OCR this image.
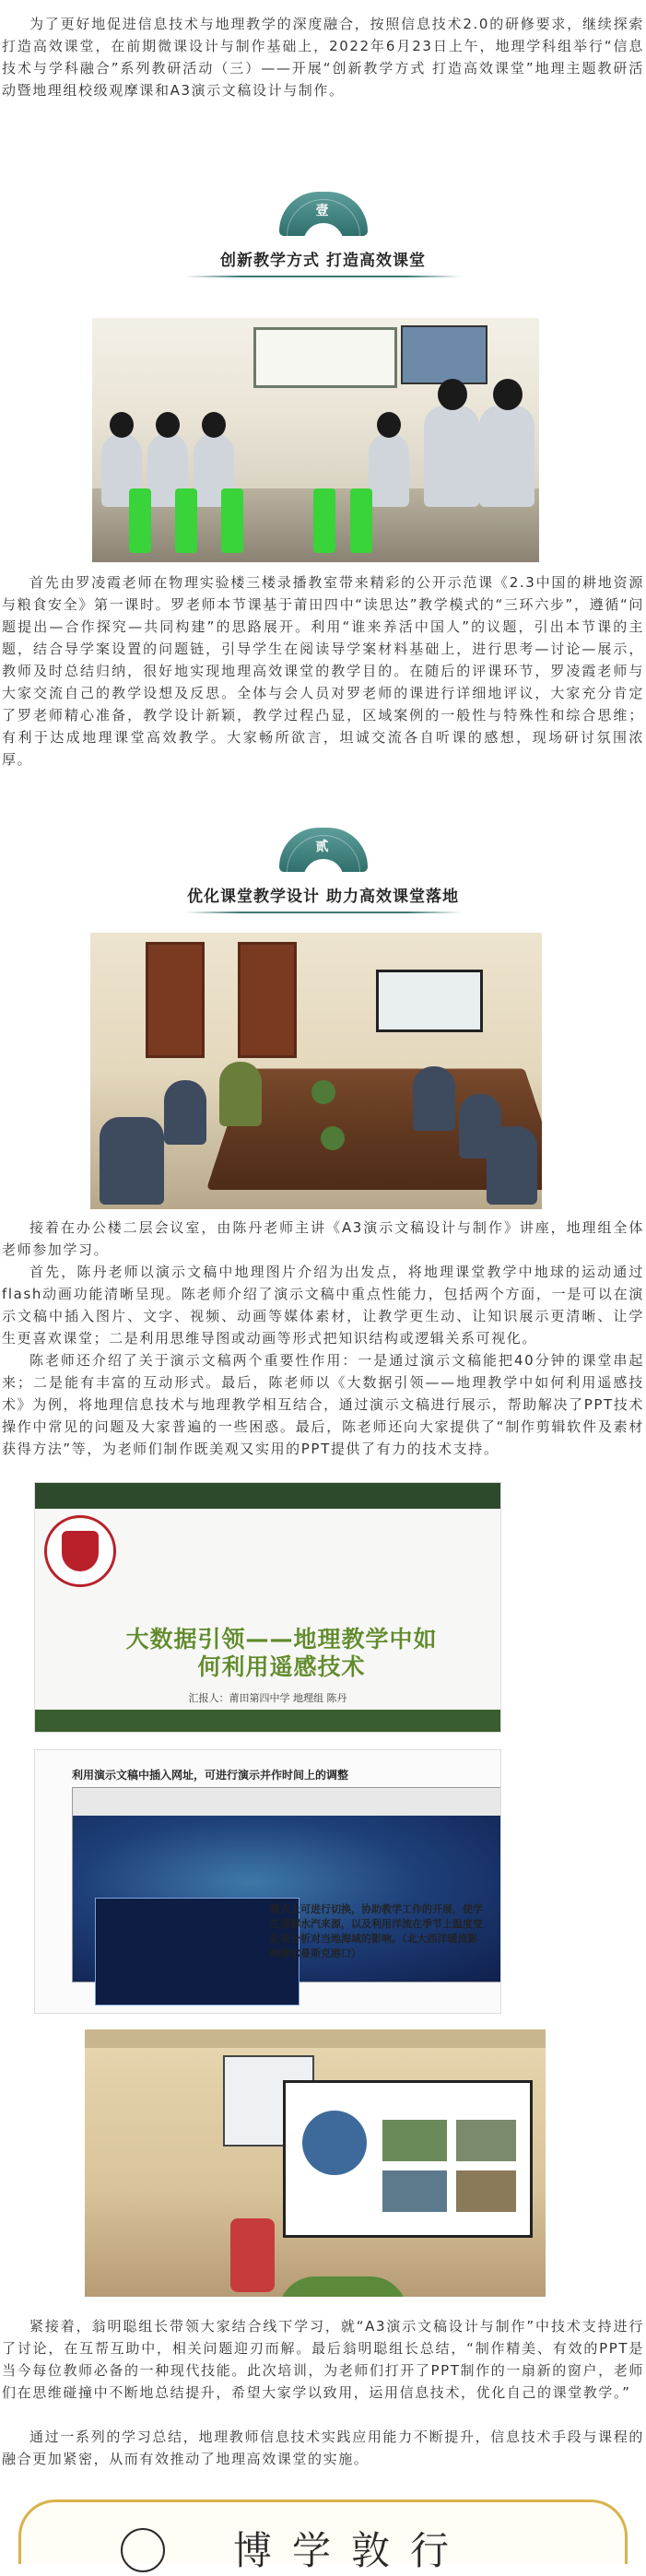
为了更好地促进信息技术与地理教学的深度融合，按照信息技术2.0的研修要求，继续探索打造高效课堂，在前期微课设计与制作基础上，2022年6月23日上午，地理学科组举行“信息技术与学科融合”系列教研活动（三）——开展“创新教学方式 打造高效课堂”地理主题教研活动暨地理组校级观摩课和A3演示文稿设计与制作。

壹
创新教学方式 打造高效课堂

首先由罗凌霞老师在物理实验楼三楼录播教室带来精彩的公开示范课《2.3中国的耕地资源与粮食安全》第一课时。罗老师本节课基于莆田四中“读思达”教学模式的“三环六步”，遵循“问题提出—合作探究—共同构建”的思路展开。利用“谁来养活中国人”的议题，引出本节课的主题，结合导学案设置的问题链，引导学生在阅读导学案材料基础上，进行思考—讨论—展示，教师及时总结归纳，很好地实现地理高效课堂的教学目的。在随后的评课环节，罗凌霞老师与大家交流自己的教学设想及反思。全体与会人员对罗老师的课进行详细地评议，大家充分肯定了罗老师精心准备，教学设计新颖，教学过程凸显，区域案例的一般性与特殊性和综合思维；有利于达成地理课堂高效教学。大家畅所欲言，坦诚交流各自听课的感想，现场研讨氛围浓厚。

贰
优化课堂教学设计 助力高效课堂落地

接着在办公楼二层会议室，由陈丹老师主讲《A3演示文稿设计与制作》讲座，地理组全体老师参加学习。

首先，陈丹老师以演示文稿中地理图片介绍为出发点，将地理课堂教学中地球的运动通过flash动画功能清晰呈现。陈老师介绍了演示文稿中重点性能力，包括两个方面，一是可以在演示文稿中插入图片、文字、视频、动画等媒体素材，让教学更生动、让知识展示更清晰、让学生更喜欢课堂；二是利用思维导图或动画等形式把知识结构或逻辑关系可视化。

陈老师还介绍了关于演示文稿两个重要性作用：一是通过演示文稿能把40分钟的课堂串起来；二是能有丰富的互动形式。最后，陈老师以《大数据引领——地理教学中如何利用遥感技术》为例，将地理信息技术与地理教学相互结合，通过演示文稿进行展示，帮助解决了PPT技术操作中常见的问题及大家普遍的一些困惑。最后，陈老师还向大家提供了“制作剪辑软件及素材获得方法”等，为老师们制作既美观又实用的PPT提供了有力的技术支持。

大数据引领——地理教学中如
何利用遥感技术
汇报人：莆田第四中学 地理组 陈丹
利用演示文稿中插入网址，可进行演示并作时间上的调整
模式上可进行切换，协助教学工作的开展，使学生理解水汽来源，以及利用洋流在季节上温度变化来分析对当地海域的影响。（北大西洋暖流影响摩尔曼斯克港口）

紧接着，翁明聪组长带领大家结合线下学习，就“A3演示文稿设计与制作”中技术支持进行了讨论，在互帮互助中，相关问题迎刃而解。最后翁明聪组长总结，“制作精美、有效的PPT是当今每位教师必备的一种现代技能。此次培训，为老师们打开了PPT制作的一扇新的窗户，老师们在思维碰撞中不断地总结提升，希望大家学以致用，运用信息技术，优化自己的课堂教学。”

通过一系列的学习总结，地理教师信息技术实践应用能力不断提升，信息技术手段与课程的融合更加紧密，从而有效推动了地理高效课堂的实施。

博学敦行
